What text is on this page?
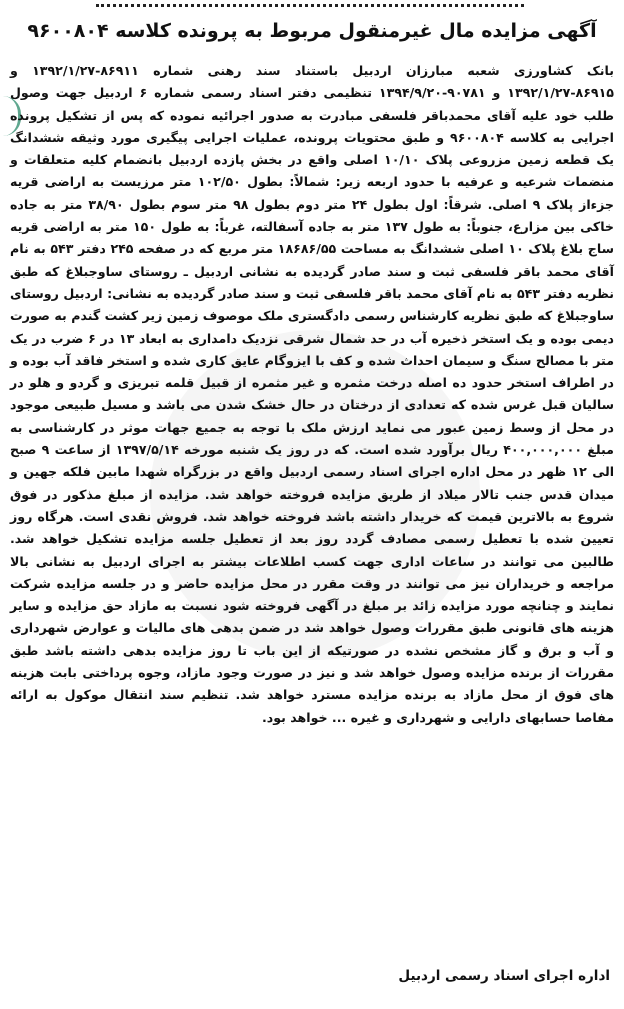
آگهی مزایده مال غیرمنقول مربوط به پرونده کلاسه ۹۶۰۰۸۰۴

بانک کشاورزی شعبه مبارزان اردبیل باستناد سند رهنی شماره ۸۶۹۱۱-۱۳۹۲/۱/۲۷ و ۸۶۹۱۵-۱۳۹۲/۱/۲۷ و ۹۰۷۸۱-۱۳۹۴/۹/۲۰ تنظیمی دفتر اسناد رسمی شماره ۶ اردبیل جهت وصول طلب خود علیه آقای محمدباقر فلسفی مبادرت به صدور اجرائیه نموده که پس از تشکیل پرونده اجرایی به کلاسه ۹۶۰۰۸۰۴ و طبق محتویات پرونده، عملیات اجرایی پیگیری مورد وثیقه ششدانگ یک قطعه زمین مزروعی پلاک ۱۰/۱۰ اصلی واقع در بخش پازده اردبیل بانضمام کلیه متعلقات و منضمات شرعیه و عرفیه با حدود اربعه زیر: شمالاً: بطول ۱۰۲/۵۰ متر مرزیست به اراضی قریه جزءاز پلاک ۹ اصلی. شرقاً: اول بطول ۲۴ متر دوم بطول ۹۸ متر سوم بطول ۳۸/۹۰ متر به جاده خاکی بین مزارع، جنوباً: به طول ۱۳۷ متر به جاده آسفالته، غرباً: به طول ۱۵۰ متر به اراضی قریه ساج بلاغ پلاک ۱۰ اصلی ششدانگ به مساحت ۱۸۶۸۶/۵۵ متر مربع که در صفحه ۲۴۵ دفتر ۵۴۳ به نام آقای محمد باقر فلسفی ثبت و سند صادر گردیده به نشانی اردبیل ـ روستای ساوجبلاغ که طبق نظریه دفتر ۵۴۳ به نام آقای محمد باقر فلسفی ثبت و سند صادر گردیده به نشانی: اردبیل روستای ساوجبلاغ که طبق نظریه کارشناس رسمی دادگستری ملک موصوف زمین زیر کشت گندم به صورت دیمی بوده و یک استخر ذخیره آب در حد شمال شرقی نزدیک دامداری به ابعاد ۱۳ در ۶ ضرب در یک متر با مصالح سنگ و سیمان احداث شده و کف با ایزوگام عایق کاری شده و استخر فاقد آب بوده و در اطراف استخر حدود ده اصله درخت مثمره و غیر مثمره از قبیل قلمه تبریزی و گردو و هلو در سالیان قبل غرس شده که تعدادی از درختان در حال خشک شدن می باشد و مسیل طبیعی موجود در محل از وسط زمین عبور می نماید ارزش ملک با توجه به جمیع جهات موثر در کارشناسی به مبلغ ۴۰۰,۰۰۰,۰۰۰ ریال برآورد شده است. که در روز یک شنبه مورخه ۱۳۹۷/۵/۱۴ از ساعت ۹ صبح الی ۱۲ ظهر در محل اداره اجرای اسناد رسمی اردبیل واقع در بزرگراه شهدا مابین فلکه جهین و میدان قدس جنب تالار میلاد از طریق مزایده فروخته خواهد شد. مزایده از مبلغ مذکور در فوق شروع به بالاترین قیمت که خریدار داشته باشد فروخته خواهد شد. فروش نقدی است. هرگاه روز تعیین شده با تعطیل رسمی مصادف گردد روز بعد از تعطیل جلسه مزایده تشکیل خواهد شد. طالبین می توانند در ساعات اداری جهت کسب اطلاعات بیشتر به اجرای اردبیل به نشانی بالا مراجعه و خریداران نیز می توانند در وقت مقرر در محل مزایده حاضر و در جلسه مزایده شرکت نمایند و چنانچه مورد مزایده زائد بر مبلغ در آگهی فروخته شود نسبت به مازاد حق مزایده و سایر هزینه های قانونی طبق مقررات وصول خواهد شد در ضمن بدهی های مالیات و عوارض شهرداری و آب و برق و گاز مشخص نشده در صورتیکه از این باب تا روز مزایده بدهی داشته باشد طبق مقررات از برنده مزایده وصول خواهد شد و نیز در صورت وجود مازاد، وجوه پرداختی بابت هزینه های فوق از محل مازاد به برنده مزایده مسترد خواهد شد. تنظیم سند انتقال موکول به ارائه مفاصا حسابهای دارایی و شهرداری و غیره ... خواهد بود.

اداره اجرای اسناد رسمی اردبیل
